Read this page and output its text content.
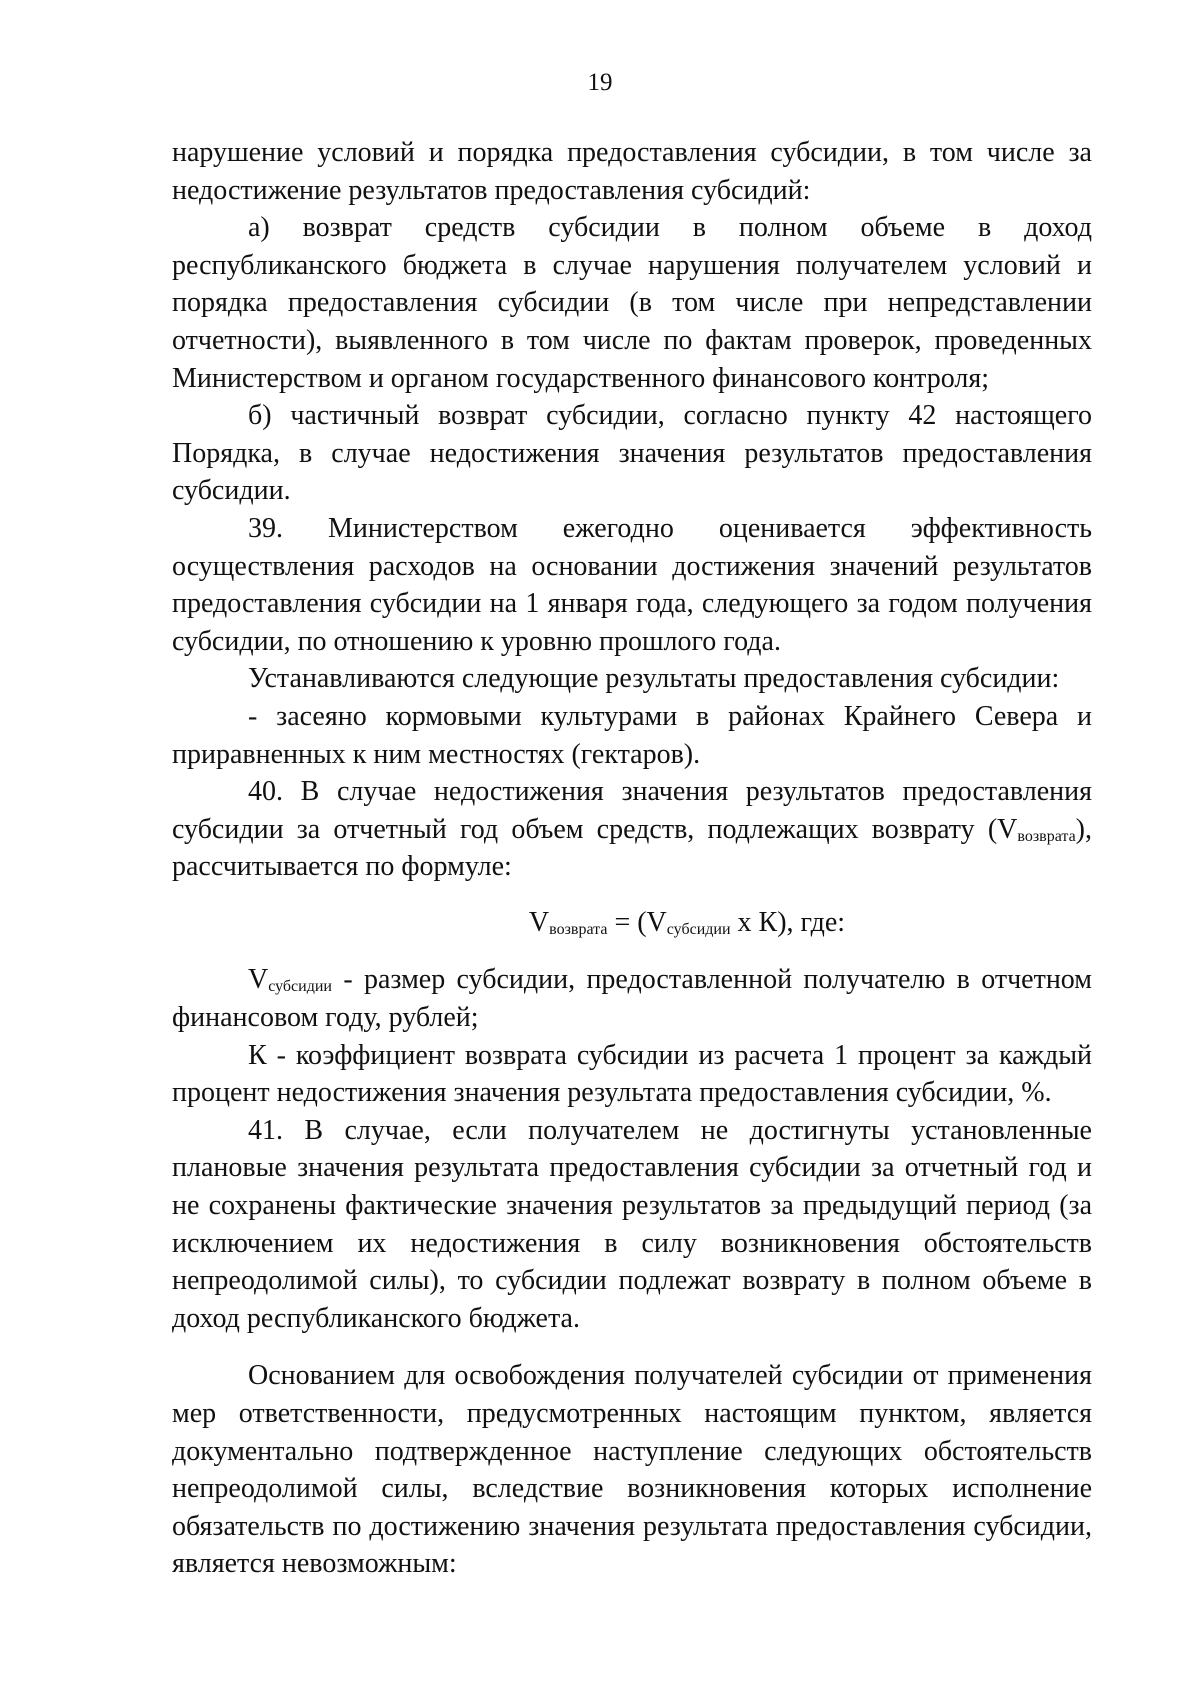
19

нарушение условий и порядка предоставления субсидии, в том числе за недостижение результатов предоставления субсидий:

а) возврат средств субсидии в полном объеме в доход республиканского бюджета в случае нарушения получателем условий и порядка предоставления субсидии (в том числе при непредставлении отчетности), выявленного в том числе по фактам проверок, проведенных Министерством и органом государственного финансового контроля;

б) частичный возврат субсидии, согласно пункту 42 настоящего Порядка, в случае недостижения значения результатов предоставления субсидии.

39. Министерством ежегодно оценивается эффективность осуществления расходов на основании достижения значений результатов предоставления субсидии на 1 января года, следующего за годом получения субсидии, по отношению к уровню прошлого года.

Устанавливаются следующие результаты предоставления субсидии:

- засеяно кормовыми культурами в районах Крайнего Севера и приравненных к ним местностях (гектаров).

40. В случае недостижения значения результатов предоставления субсидии за отчетный год объем средств, подлежащих возврату $(V_{возврата})$, рассчитывается по формуле:

$V_{возврата} = (V_{субсидии}$ x К), где:

$V_{субсидии}$ - размер субсидии, предоставленной получателю в отчетном финансовом году, рублей;

К - коэффициент возврата субсидии из расчета 1 процент за каждый процент недостижения значения результата предоставления субсидии, %.

41. В случае, если получателем не достигнуты установленные плановые значения результата предоставления субсидии за отчетный год и не сохранены фактические значения результатов за предыдущий период (за исключением их недостижения в силу возникновения обстоятельств непреодолимой силы), то субсидии подлежат возврату в полном объеме в доход республиканского бюджета.

Основанием для освобождения получателей субсидии от применения мер ответственности, предусмотренных настоящим пунктом, является документально подтвержденное наступление следующих обстоятельств непреодолимой силы, вследствие возникновения которых исполнение обязательств по достижению значения результата предоставления субсидии, является невозможным:
